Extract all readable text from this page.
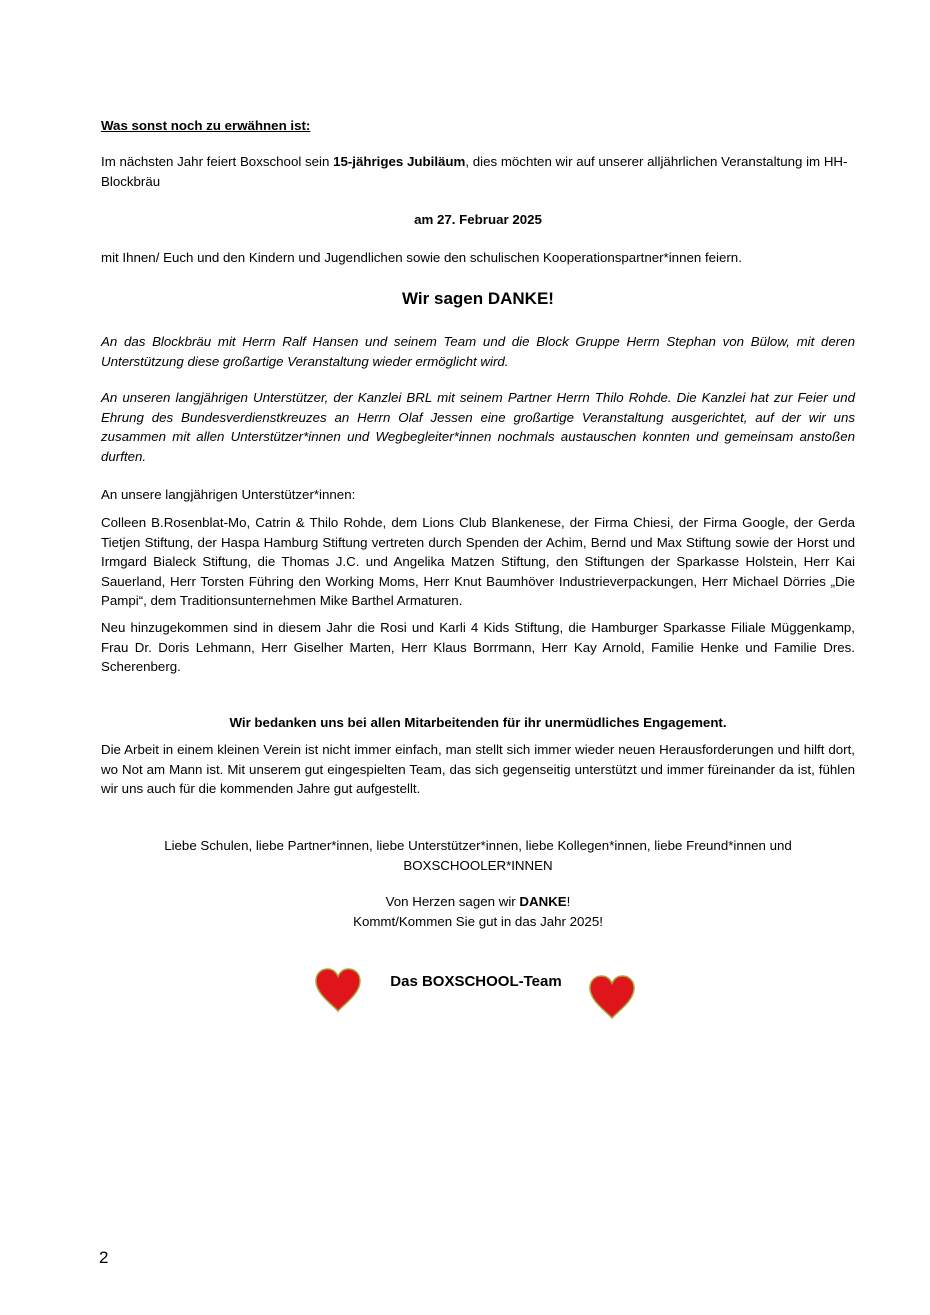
Was sonst noch zu erwähnen ist:

Im nächsten Jahr feiert Boxschool sein 15-jähriges Jubiläum, dies möchten wir auf unserer alljährlichen Veranstaltung im HH-Blockbräu

am 27. Februar 2025

mit Ihnen/ Euch und den Kindern und Jugendlichen sowie den schulischen Kooperationspartner*innen feiern.

Wir sagen DANKE!

An das Blockbräu mit Herrn Ralf Hansen und seinem Team und die Block Gruppe Herrn Stephan von Bülow, mit deren Unterstützung diese großartige Veranstaltung wieder ermöglicht wird.

An unseren langjährigen Unterstützer, der Kanzlei BRL mit seinem Partner Herrn Thilo Rohde. Die Kanzlei hat zur Feier und Ehrung des Bundesverdienstkreuzes an Herrn Olaf Jessen eine großartige Veranstaltung ausgerichtet, auf der wir uns zusammen mit allen Unterstützer*innen und Wegbegleiter*innen nochmals austauschen konnten und gemeinsam anstoßen durften.

An unsere langjährigen Unterstützer*innen:

Colleen B.Rosenblat-Mo, Catrin & Thilo Rohde, dem Lions Club Blankenese, der Firma Chiesi, der Firma Google, der Gerda Tietjen Stiftung, der Haspa Hamburg Stiftung vertreten durch Spenden der Achim, Bernd und Max Stiftung sowie der Horst und Irmgard Bialeck Stiftung, die Thomas J.C. und Angelika Matzen Stiftung, den Stiftungen der Sparkasse Holstein, Herr Kai Sauerland, Herr Torsten Führing den Working Moms, Herr Knut Baumhöver Industrieverpackungen, Herr Michael Dörries „Die Pampi“, dem Traditionsunternehmen Mike Barthel Armaturen.

Neu hinzugekommen sind in diesem Jahr die Rosi und Karli 4 Kids Stiftung, die Hamburger Sparkasse Filiale Müggenkamp, Frau Dr. Doris Lehmann, Herr Giselher Marten, Herr Klaus Borrmann, Herr Kay Arnold, Familie Henke und Familie Dres. Scherenberg.

Wir bedanken uns bei allen Mitarbeitenden für ihr unermüdliches Engagement.

Die Arbeit in einem kleinen Verein ist nicht immer einfach, man stellt sich immer wieder neuen Herausforderungen und hilft dort, wo Not am Mann ist. Mit unserem gut eingespielten Team, das sich gegenseitig unterstützt und immer füreinander da ist, fühlen wir uns auch für die kommenden Jahre gut aufgestellt.

Liebe Schulen, liebe Partner*innen, liebe Unterstützer*innen, liebe Kollegen*innen, liebe Freund*innen und

BOXSCHOOLER*INNEN

Von Herzen sagen wir DANKE!

Kommt/Kommen Sie gut in das Jahr 2025!

Das BOXSCHOOL-Team
2
